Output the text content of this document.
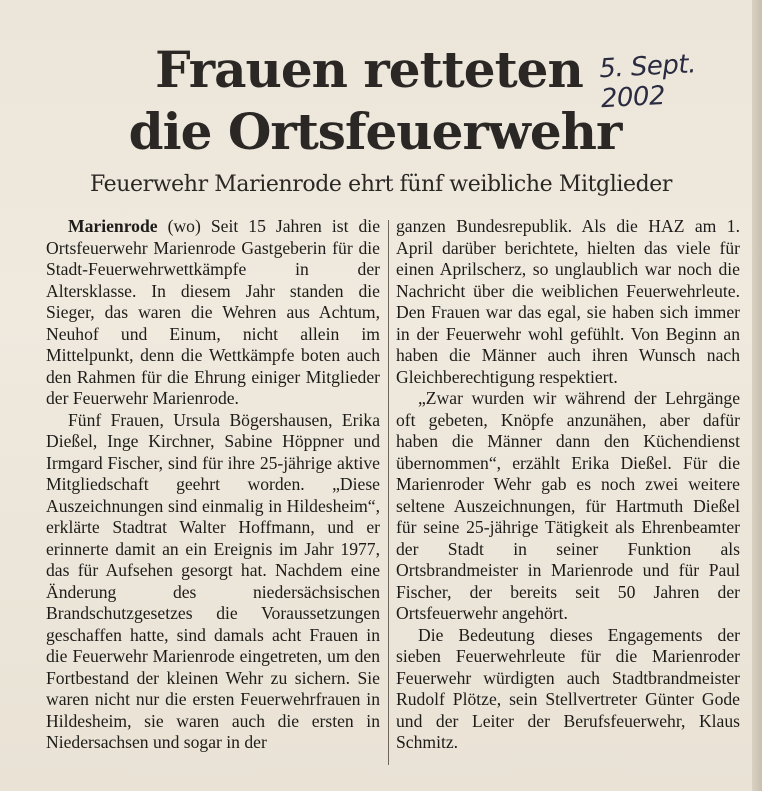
Frauen retteten
die Ortsfeuerwehr
5. Sept. 2002
Feuerwehr Marienrode ehrt fünf weibliche Mitglieder

Marienrode (wo) Seit 15 Jahren ist die Ortsfeuerwehr Marienrode Gastgeberin für die Stadt-Feuerwehrwettkämpfe in der Altersklasse. In diesem Jahr standen die Sieger, das waren die Wehren aus Achtum, Neuhof und Einum, nicht allein im Mittelpunkt, denn die Wettkämpfe boten auch den Rahmen für die Ehrung einiger Mitglieder der Feuerwehr Marienrode.

Fünf Frauen, Ursula Bögershausen, Erika Dießel, Inge Kirchner, Sabine Höppner und Irmgard Fischer, sind für ihre 25-jährige aktive Mitgliedschaft geehrt worden. „Diese Auszeichnungen sind einmalig in Hildesheim“, erklärte Stadtrat Walter Hoffmann, und er erinnerte damit an ein Ereignis im Jahr 1977, das für Aufsehen gesorgt hat. Nachdem eine Änderung des niedersächsischen Brandschutzgesetzes die Voraussetzungen geschaffen hatte, sind damals acht Frauen in die Feuerwehr Marienrode eingetreten, um den Fortbestand der kleinen Wehr zu sichern. Sie waren nicht nur die ersten Feuerwehrfrauen in Hildesheim, sie waren auch die ersten in Niedersachsen und sogar in der

ganzen Bundesrepublik. Als die HAZ am 1. April darüber berichtete, hielten das viele für einen Aprilscherz, so unglaublich war noch die Nachricht über die weiblichen Feuerwehrleute. Den Frauen war das egal, sie haben sich immer in der Feuerwehr wohl gefühlt. Von Beginn an haben die Männer auch ihren Wunsch nach Gleichberechtigung respektiert.

„Zwar wurden wir während der Lehrgänge oft gebeten, Knöpfe anzunähen, aber dafür haben die Männer dann den Küchendienst übernommen“, erzählt Erika Dießel. Für die Marienroder Wehr gab es noch zwei weitere seltene Auszeichnungen, für Hartmuth Dießel für seine 25-jährige Tätigkeit als Ehrenbeamter der Stadt in seiner Funktion als Ortsbrandmeister in Marienrode und für Paul Fischer, der bereits seit 50 Jahren der Ortsfeuerwehr angehört.

Die Bedeutung dieses Engagements der sieben Feuerwehrleute für die Marienroder Feuerwehr würdigten auch Stadtbrandmeister Rudolf Plötze, sein Stellvertreter Günter Gode und der Leiter der Berufsfeuerwehr, Klaus Schmitz.
